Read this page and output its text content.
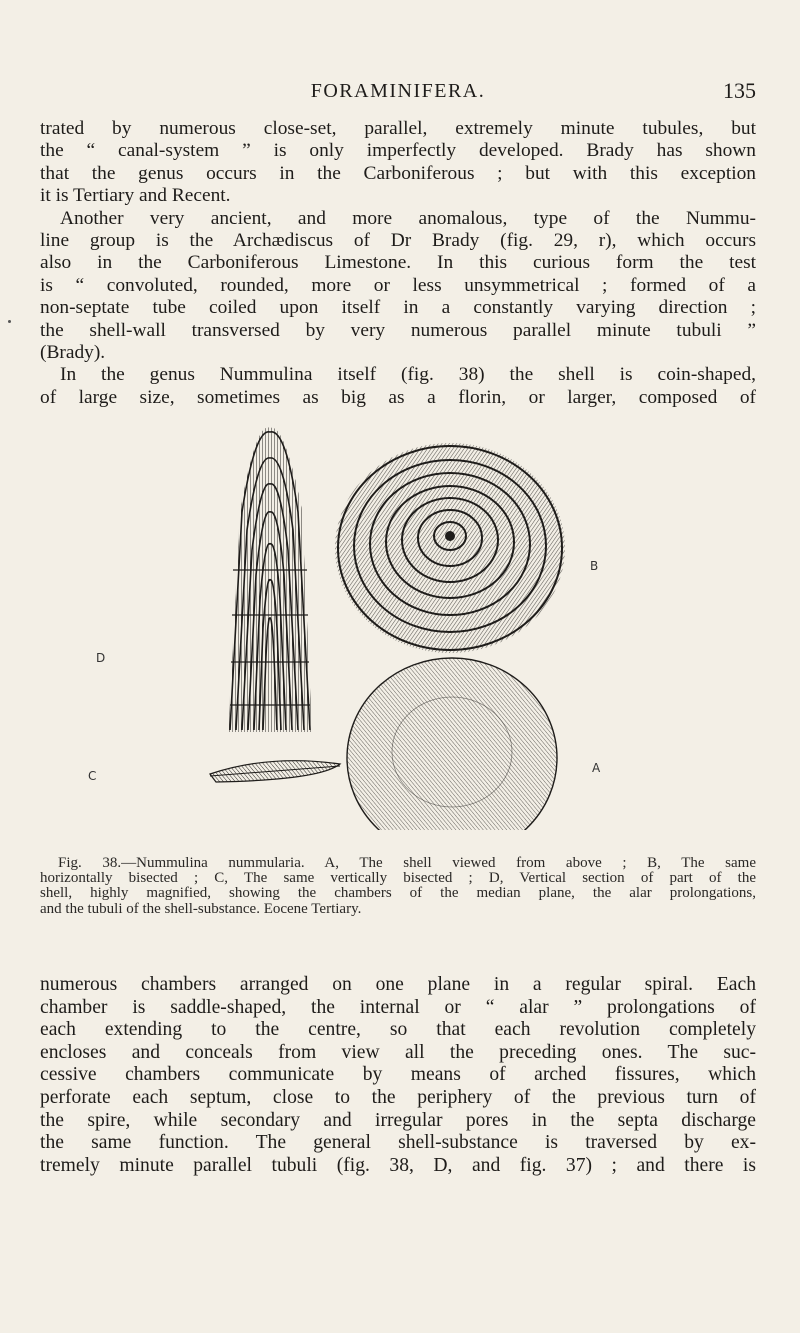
FORAMINIFERA.	135
trated by numerous close-set, parallel, extremely minute tubules, but
the “ canal-system ” is only imperfectly developed. Brady has shown
that the genus occurs in the Carboniferous ; but with this exception
it is Tertiary and Recent.
Another very ancient, and more anomalous, type of the Nummu-
line group is the Archædiscus of Dr Brady (fig. 29, r), which occurs
also in the Carboniferous Limestone. In this curious form the test
is “ convoluted, rounded, more or less unsymmetrical ; formed of a
non-septate tube coiled upon itself in a constantly varying direction ;
the shell-wall transversed by very numerous parallel minute tubuli ”
(Brady).
In the genus Nummulina itself (fig. 38) the shell is coin-shaped,
of large size, sometimes as big as a florin, or larger, composed of
D
B
A
C
Fig. 38.—Nummulina nummularia. A, The shell viewed from above ; B, The same
horizontally bisected ; C, The same vertically bisected ; D, Vertical section of part of the
shell, highly magnified, showing the chambers of the median plane, the alar prolongations,
and the tubuli of the shell-substance. Eocene Tertiary.
numerous chambers arranged on one plane in a regular spiral. Each
chamber is saddle-shaped, the internal or “ alar ” prolongations of
each extending to the centre, so that each revolution completely
encloses and conceals from view all the preceding ones. The suc-
cessive chambers communicate by means of arched fissures, which
perforate each septum, close to the periphery of the previous turn of
the spire, while secondary and irregular pores in the septa discharge
the same function. The general shell-substance is traversed by ex-
tremely minute parallel tubuli (fig. 38, D, and fig. 37) ; and there is
